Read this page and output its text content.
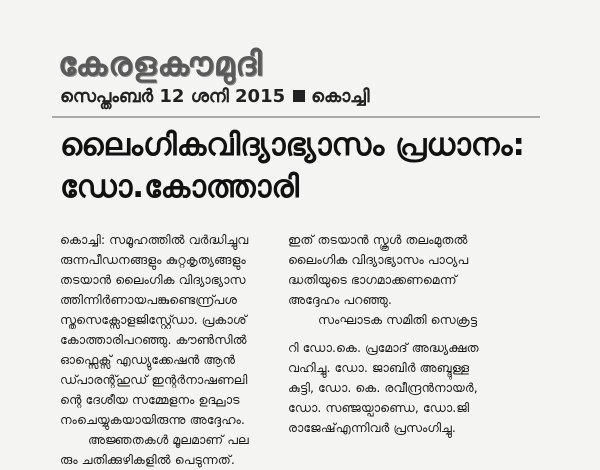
കേരളകൗമുദി
സെപ്തംബർ 12 ശനി 2015 കൊച്ചി
ലൈംഗികവിദ്യാഭ്യാസം പ്രധാനം:
ഡോ.കോത്താരി
കൊച്ചി: സമൂഹത്തിൽ വർദ്ധിച്ചുവ
രുന്നപീഡനങ്ങളും കുറ്റകൃത്യങ്ങളും
തടയാൻ ലൈംഗിക വിദ്യാഭ്യാസ
ത്തിന്നിർണായപങ്കുണ്ടെന്ന്പ്രശ
സ്തസെക്സോളജിസ്റ്റ്ഡോ. പ്രകാശ്
കോത്താരിപറഞ്ഞു. കൗൺസിൽ
ഓഫ്സെക്സ് എഡ്യുക്കേഷൻ ആൻ
ഡ്പാരന്റ്ഹുഡ് ഇന്റർനാഷണലി
ന്റെ ദേശീയ സമ്മേളനം ഉദ്ഘാട
നംചെയ്യുകയായിരുന്നു അദ്ദേഹം.
അജ്ഞതകൾ മൂലമാണ് പല
രും ചതിക്കുഴികളിൽ പെടുന്നത്.
ഇത് തടയാൻ സ്കൂൾ തലംമുതൽ
ലൈംഗിക വിദ്യാഭ്യാസം പാഠ്യപ
ദ്ധതിയുടെ ഭാഗമാക്കണമെന്ന്
അദ്ദേഹം പറഞ്ഞു.
സംഘാടക സമിതി സെക്രട്ട
റി ഡോ.കെ. പ്രമോദ് അദ്ധ്യക്ഷത
വഹിച്ചു. ഡോ. ജാബിർ അബ്ദുള്ള
കുട്ടി, ഡോ. കെ. രവീന്ദ്രൻനായർ,
ഡോ. സഞ്ജയ്പാണ്ഡെ, ഡോ.ജി
രാജേഷ്എന്നിവർ പ്രസംഗിച്ചു.
